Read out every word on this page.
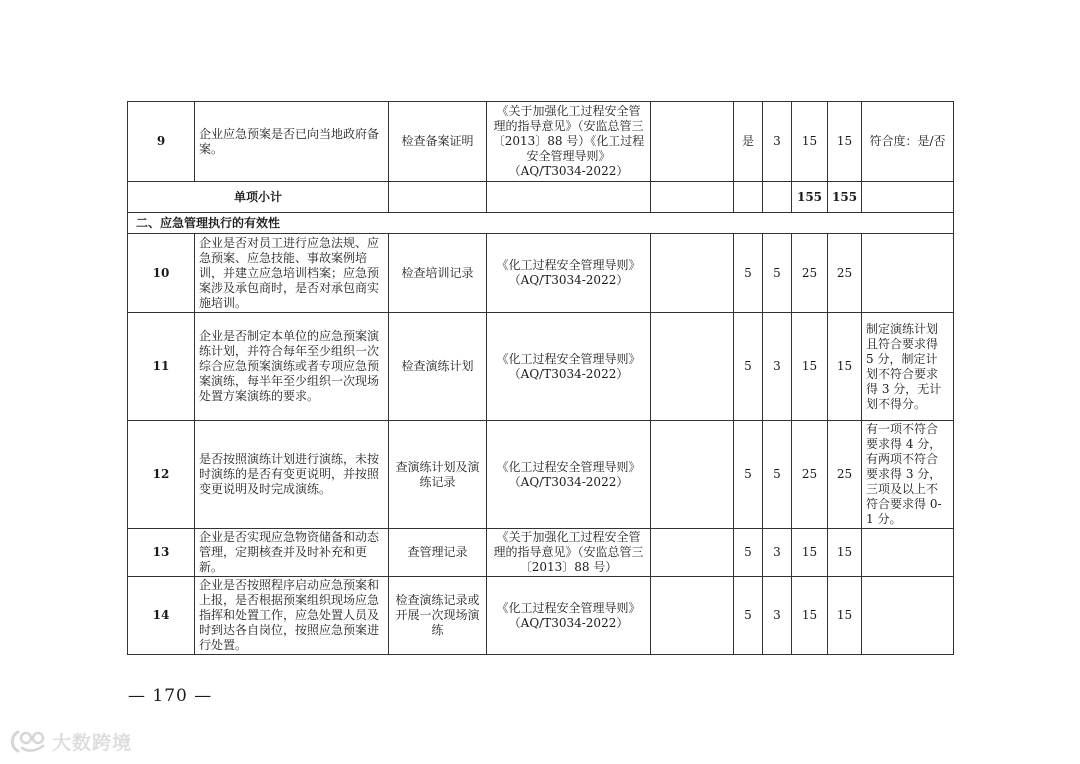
9	企业应急预案是否已向当地政府备案。	检查备案证明	《关于加强化工过程安全管理的指导意见》（安监总管三〔2013〕88 号）《化工过程安全管理导则》（AQ/T3034-2022）		是	3	15	15	符合度：是/否
单项小计							155	155	
二、应急管理执行的有效性									
10	企业是否对员工进行应急法规、应急预案、应急技能、事故案例培训，并建立应急培训档案；应急预案涉及承包商时，是否对承包商实施培训。	检查培训记录	《化工过程安全管理导则》（AQ/T3034-2022）		5	5	25	25	
11	企业是否制定本单位的应急预案演练计划，并符合每年至少组织一次综合应急预案演练或者专项应急预案演练，每半年至少组织一次现场处置方案演练的要求。	检查演练计划	《化工过程安全管理导则》（AQ/T3034-2022）		5	3	15	15	制定演练计划且符合要求得 5 分，制定计划不符合要求得 3 分，无计划不得分。
12	是否按照演练计划进行演练，未按时演练的是否有变更说明，并按照变更说明及时完成演练。	查演练计划及演练记录	《化工过程安全管理导则》（AQ/T3034-2022）		5	5	25	25	有一项不符合要求得 4 分，有两项不符合要求得 3 分，三项及以上不符合要求得 0-1 分。
13	企业是否实现应急物资储备和动态管理，定期核查并及时补充和更新。	查管理记录	《关于加强化工过程安全管理的指导意见》（安监总管三〔2013〕88 号）		5	3	15	15	
14	企业是否按照程序启动应急预案和上报，是否根据预案组织现场应急指挥和处置工作，应急处置人员及时到达各自岗位，按照应急预案进行处置。	检查演练记录或开展一次现场演练	《化工过程安全管理导则》（AQ/T3034-2022）		5	3	15	15	
— 170 —
大数跨境
